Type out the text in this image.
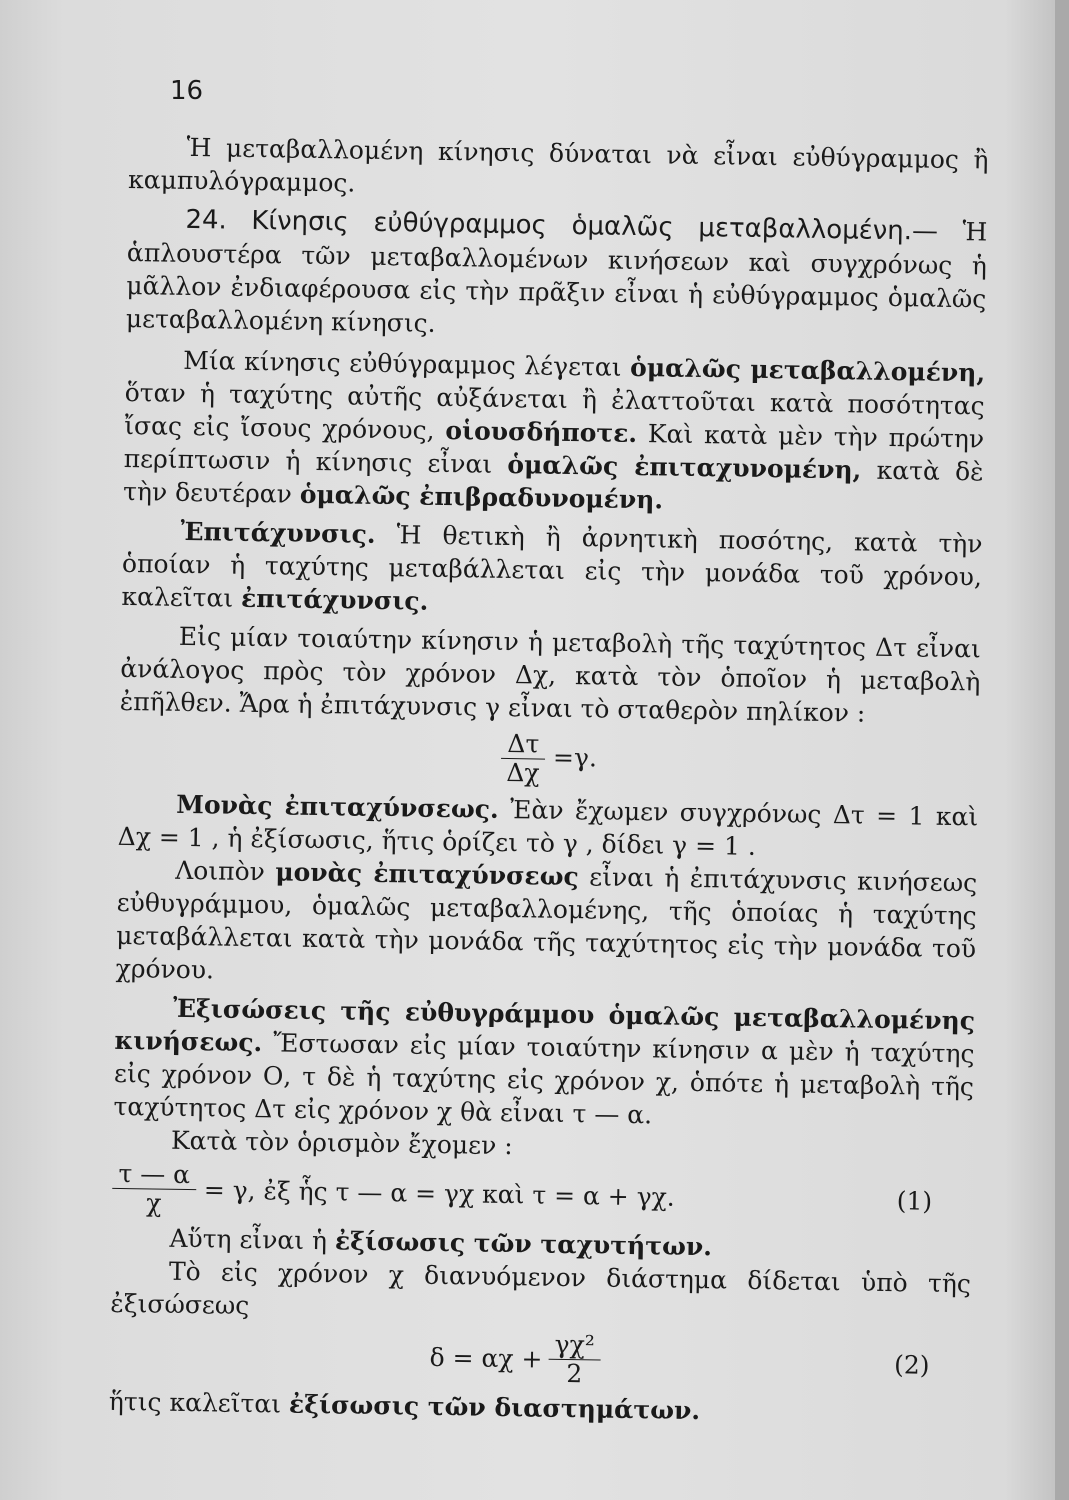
16

Ἡ μεταβαλλομένη κίνησις δύναται νὰ εἶναι εὐθύγραμμος ἢ καμπυλόγραμμος.

24. Κίνησις εὐθύγραμμος ὁμαλῶς μεταβαλλομένη.— Ἡ ἁπλουστέρα τῶν μεταβαλλομένων κινήσεων καὶ συγχρόνως ἡ μᾶλλον ἐνδιαφέρουσα εἰς τὴν πρᾶξιν εἶναι ἡ εὐθύγραμμος ὁμαλῶς μεταβαλλομένη κίνησις.

Μία κίνησις εὐθύγραμμος λέγεται ὁμαλῶς μεταβαλλομένη, ὅταν ἡ ταχύτης αὐτῆς αὐξάνεται ἢ ἐλαττοῦται κατὰ ποσότητας ἴσας εἰς ἴσους χρόνους, οἱουσδήποτε. Καὶ κατὰ μὲν τὴν πρώτην περίπτωσιν ἡ κίνησις εἶναι ὁμαλῶς ἐπιταχυνομένη, κατὰ δὲ τὴν δευτέραν ὁμαλῶς ἐπιβραδυνομένη.

Ἐπιτάχυνσις. Ἡ θετικὴ ἢ ἀρνητικὴ ποσότης, κατὰ τὴν ὁποίαν ἡ ταχύτης μεταβάλλεται εἰς τὴν μονάδα τοῦ χρόνου, καλεῖται ἐπιτάχυνσις.

Εἰς μίαν τοιαύτην κίνησιν ἡ μεταβολὴ τῆς ταχύτητος Δτ εἶναι ἀνάλογος πρὸς τὸν χρόνον Δχ, κατὰ τὸν ὁποῖον ἡ μεταβολὴ ἐπῆλθεν. Ἄρα ἡ ἐπιτάχυνσις γ εἶναι τὸ σταθερὸν πηλίκον :

$\frac{\Delta\tau}{\Delta\chi} =\gamma$.

Μονὰς ἐπιταχύνσεως. Ἐὰν ἔχωμεν συγχρόνως Δτ = 1 καὶ Δχ = 1 , ἡ ἐξίσωσις, ἥτις ὁρίζει τὸ γ , δίδει γ = 1 .

Λοιπὸν μονὰς ἐπιταχύνσεως εἶναι ἡ ἐπιτάχυνσις κινήσεως εὐθυγράμμου, ὁμαλῶς μεταβαλλομένης, τῆς ὁποίας ἡ ταχύτης μεταβάλλεται κατὰ τὴν μονάδα τῆς ταχύτητος εἰς τὴν μονάδα τοῦ χρόνου.

Ἐξισώσεις τῆς εὐθυγράμμου ὁμαλῶς μεταβαλλομένης κινήσεως. Ἔστωσαν εἰς μίαν τοιαύτην κίνησιν α μὲν ἡ ταχύτης εἰς χρόνον Ο, τ δὲ ἡ ταχύτης εἰς χρόνον χ, ὁπότε ἡ μεταβολὴ τῆς ταχύτητος Δτ εἰς χρόνον χ θὰ εἶναι τ — α.

Κατὰ τὸν ὁρισμὸν ἔχομεν :

$\frac{\tau — \alpha}{\chi} = \gamma$, ἐξ ἧς τ — α = γχ καὶ τ = α + γχ.	(1)

Αὕτη εἶναι ἡ ἐξίσωσις τῶν ταχυτήτων.

Τὸ εἰς χρόνον χ διανυόμενον διάστημα δίδεται ὑπὸ τῆς ἐξισώσεως

$\delta = \alpha\chi + \frac{\text{γχ²}}{2}$	(2)

ἥτις καλεῖται ἐξίσωσις τῶν διαστημάτων.
